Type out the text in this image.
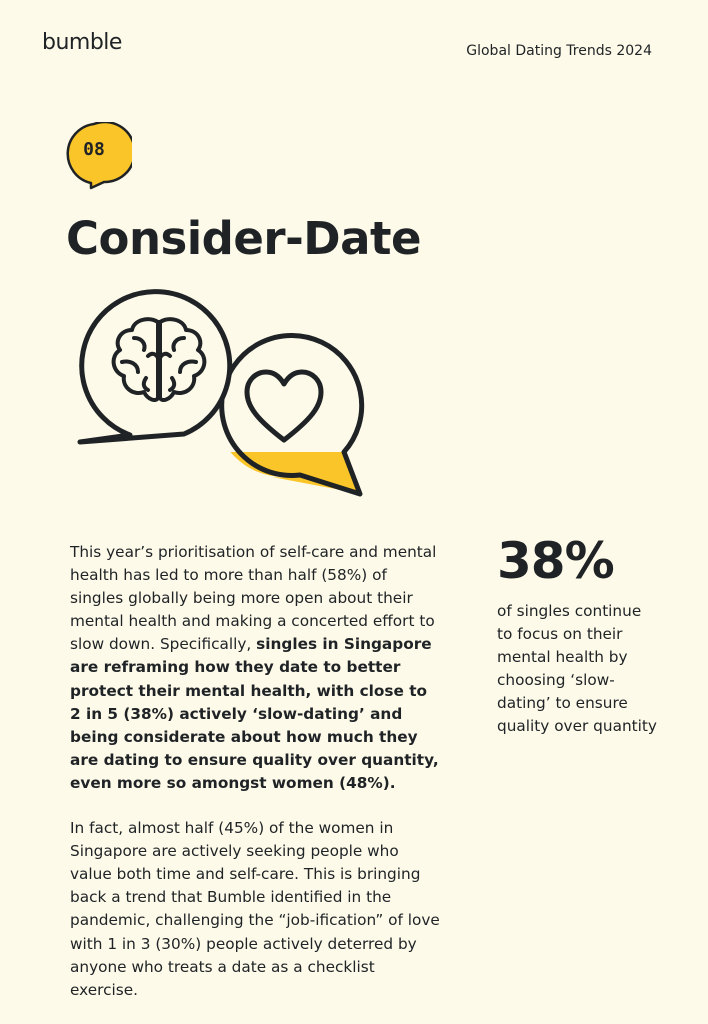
bumble	Global Dating Trends 2024
08
Consider-Date

This year’s prioritisation of self-care and mental health has led to more than half (58%) of singles globally being more open about their mental health and making a concerted effort to slow down. Specifically, singles in Singapore are reframing how they date to better protect their mental health, with close to 2 in 5 (38%) actively ‘slow-dating’ and being considerate about how much they are dating to ensure quality over quantity, even more so amongst women (48%).

In fact, almost half (45%) of the women in Singapore are actively seeking people who value both time and self-care. This is bringing back a trend that Bumble identified in the pandemic, challenging the “job-ification” of love with 1 in 3 (30%) people actively deterred by anyone who treats a date as a checklist exercise.

38%
of singles continue to focus on their mental health by choosing ‘slow-dating’ to ensure quality over quantity
